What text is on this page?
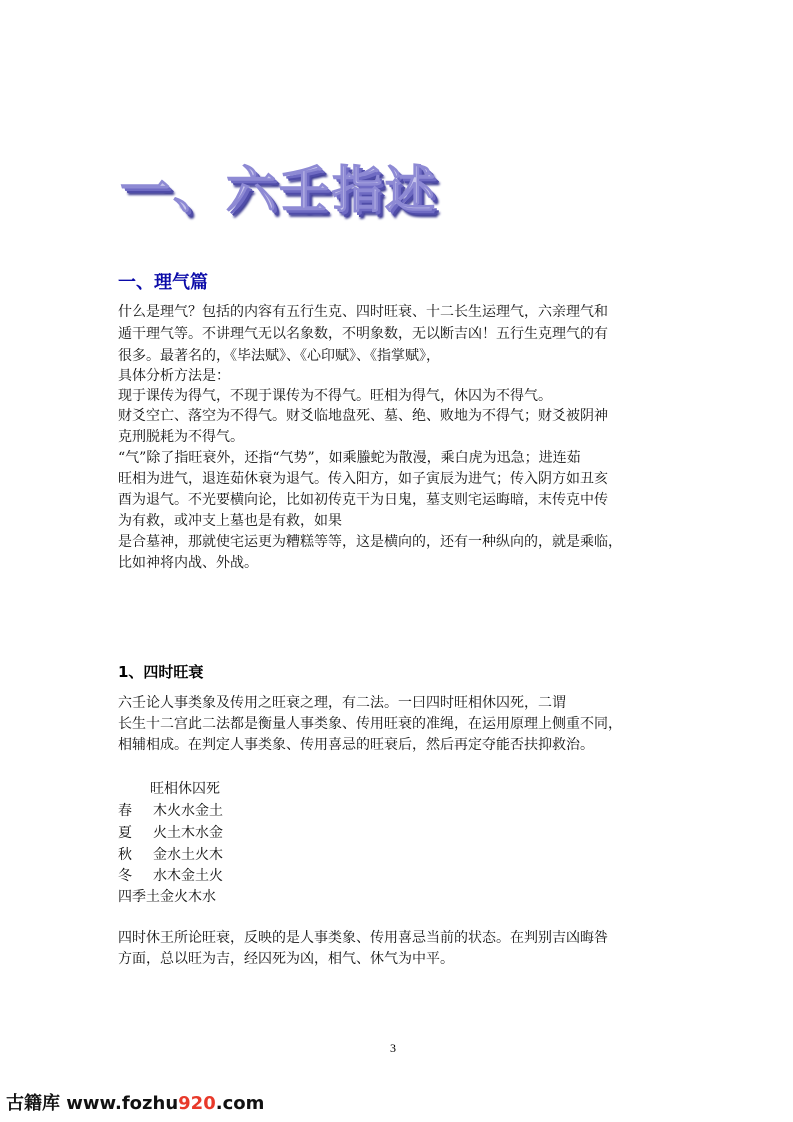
一、六壬指述
一、理气篇
什么是理气？包括的内容有五行生克、四时旺衰、十二长生运理气，六亲理气和
遁干理气等。不讲理气无以名象数，不明象数，无以断吉凶！五行生克理气的有
很多。最著名的，《毕法赋》、《心印赋》、《指掌赋》，
具体分析方法是：
现于课传为得气，不现于课传为不得气。旺相为得气，休囚为不得气。
财爻空亡、落空为不得气。财爻临地盘死、墓、绝、败地为不得气；财爻被阴神
克刑脱耗为不得气。
“气”除了指旺衰外，还指“气势”，如乘螣蛇为散漫，乘白虎为迅急；进连茹
旺相为进气，退连茹休衰为退气。传入阳方，如子寅辰为进气；传入阴方如丑亥
酉为退气。不光要横向论，比如初传克干为日鬼，墓支则宅运晦暗，末传克中传
为有救，或冲支上墓也是有救，如果
是合墓神，那就使宅运更为糟糕等等，这是横向的，还有一种纵向的，就是乘临，
比如神将内战、外战。
1、四时旺衰
六壬论人事类象及传用之旺衰之理，有二法。一曰四时旺相休囚死，二谓
长生十二宫此二法都是衡量人事类象、传用旺衰的准绳，在运用原理上侧重不同，
相辅相成。在判定人事类象、传用喜忌的旺衰后，然后再定夺能否扶抑救治。
旺相休囚死
春 木火水金土
夏 火土木水金
秋 金水土火木
冬 水木金土火
四季 土金火木水
四时休王所论旺衰，反映的是人事类象、传用喜忌当前的状态。在判别吉凶晦咎
方面，总以旺为吉，经囚死为凶，相气、休气为中平。
3
古籍库 www.fozhu920.com
